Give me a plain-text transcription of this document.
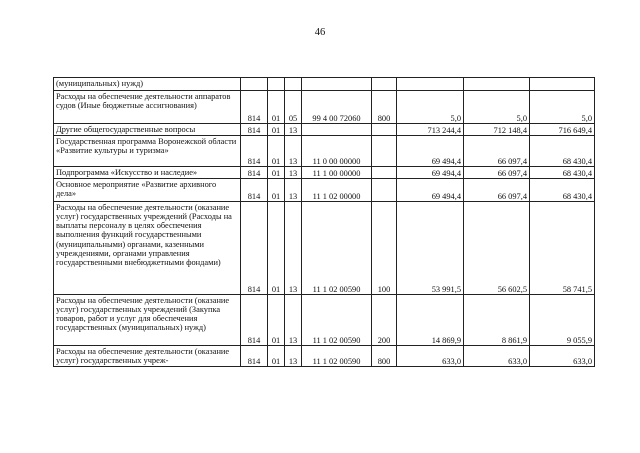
46
(муниципальных) нужд)								
Расходы на обеспечение деятельности аппаратов судов (Иные бюджетные ассигнования)	814	01	05	99 4 00 72060	800	5,0	5,0	5,0
Другие общегосударственные вопросы	814	01	13			713 244,4	712 148,4	716 649,4
Государственная программа Воронежской области «Развитие культуры и туризма»	814	01	13	11 0 00 00000		69 494,4	66 097,4	68 430,4
Подпрограмма «Искусство и наследие»	814	01	13	11 1 00 00000		69 494,4	66 097,4	68 430,4
Основное мероприятие «Развитие архивного дела»	814	01	13	11 1 02 00000		69 494,4	66 097,4	68 430,4
Расходы на обеспечение деятельности (оказание услуг) государственных учреждений (Расходы на выплаты персоналу в целях обеспечения выполнения функций государственными (муниципальными) органами, казенными учреждениями, органами управления государственными внебюджетными фондами)	814	01	13	11 1 02 00590	100	53 991,5	56 602,5	58 741,5
Расходы на обеспечение деятельности (оказание услуг) государственных учреждений (Закупка товаров, работ и услуг для обеспечения государственных (муниципальных) нужд)	814	01	13	11 1 02 00590	200	14 869,9	8 861,9	9 055,9
Расходы на обеспечение деятельности (оказание услуг) государственных учреж-	814	01	13	11 1 02 00590	800	633,0	633,0	633,0
